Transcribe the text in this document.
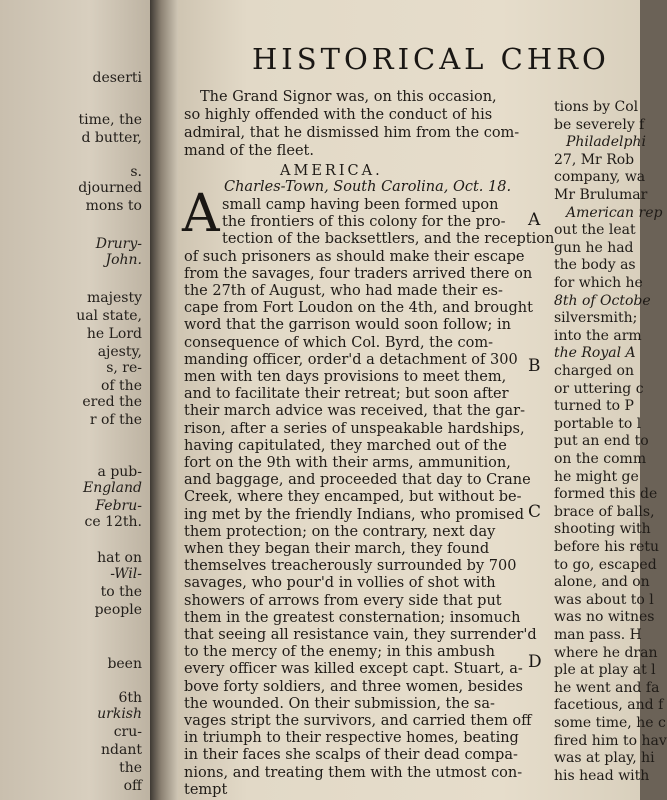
deserti
time, the
d butter,
s.
djourned
mons to
Drury-
John.
majesty
ual state,
he Lord
ajesty,
s, re-
of the
ered the
r of the
a pub-
England
Febru-
ce 12th.
hat on
-Wil-
to the
people
been
6th
urkish
cru-
ndant
the
off
HISTORICAL CHRO
A
tions by Col
be severely f
Philadelphi
27, Mr Rob
company, wa
Mr Brulumar
American rep
out the leat
gun he had
the body as
for which he
8th of Octobe
silversmith;
into the arm
the Royal A
charged on
or uttering c
turned to P
portable to l
put an end to
on the comm
he might ge
formed this de
brace of balls,
shooting with
before his retu
to go, escaped
alone, and on
was about to l
was no witnes
man pass. H
where he dran
ple at play at l
he went and fa
facetious, and f
some time, he c
fired him to hav
was at play, hi
his head with
The Grand Signor was, on this occasion,
so highly offended with the conduct of his
admiral, that he dismissed him from the com-
mand of the fleet.
AMERICA.
Charles-Town, South Carolina, Oct. 18.
small camp having been formed upon
the frontiers of this colony for the pro-
tection of the backsettlers, and the reception
of such prisoners as should make their escape
from the savages, four traders arrived there on
the 27th of August, who had made their es-
cape from Fort Loudon on the 4th, and brought
word that the garrison would soon follow; in
consequence of which Col. Byrd, the com-
manding officer, order'd a detachment of 300
men with ten days provisions to meet them,
and to facilitate their retreat; but soon after
their march advice was received, that the gar-
rison, after a series of unspeakable hardships,
having capitulated, they marched out of the
fort on the 9th with their arms, ammunition,
and baggage, and proceeded that day to Crane
Creek, where they encamped, but without be-
ing met by the friendly Indians, who promised
them protection; on the contrary, next day
when they began their march, they found
themselves treacherously surrounded by 700
savages, who pour'd in vollies of shot with
showers of arrows from every side that put
them in the greatest consternation; insomuch
that seeing all resistance vain, they surrender'd
to the mercy of the enemy; in this ambush
every officer was killed except capt. Stuart, a-
bove forty soldiers, and three women, besides
the wounded. On their submission, the sa-
vages stript the survivors, and carried them off
in triumph to their respective homes, beating
in their faces she scalps of their dead compa-
nions, and treating them with the utmost con-
tempt
A
B
C
D
